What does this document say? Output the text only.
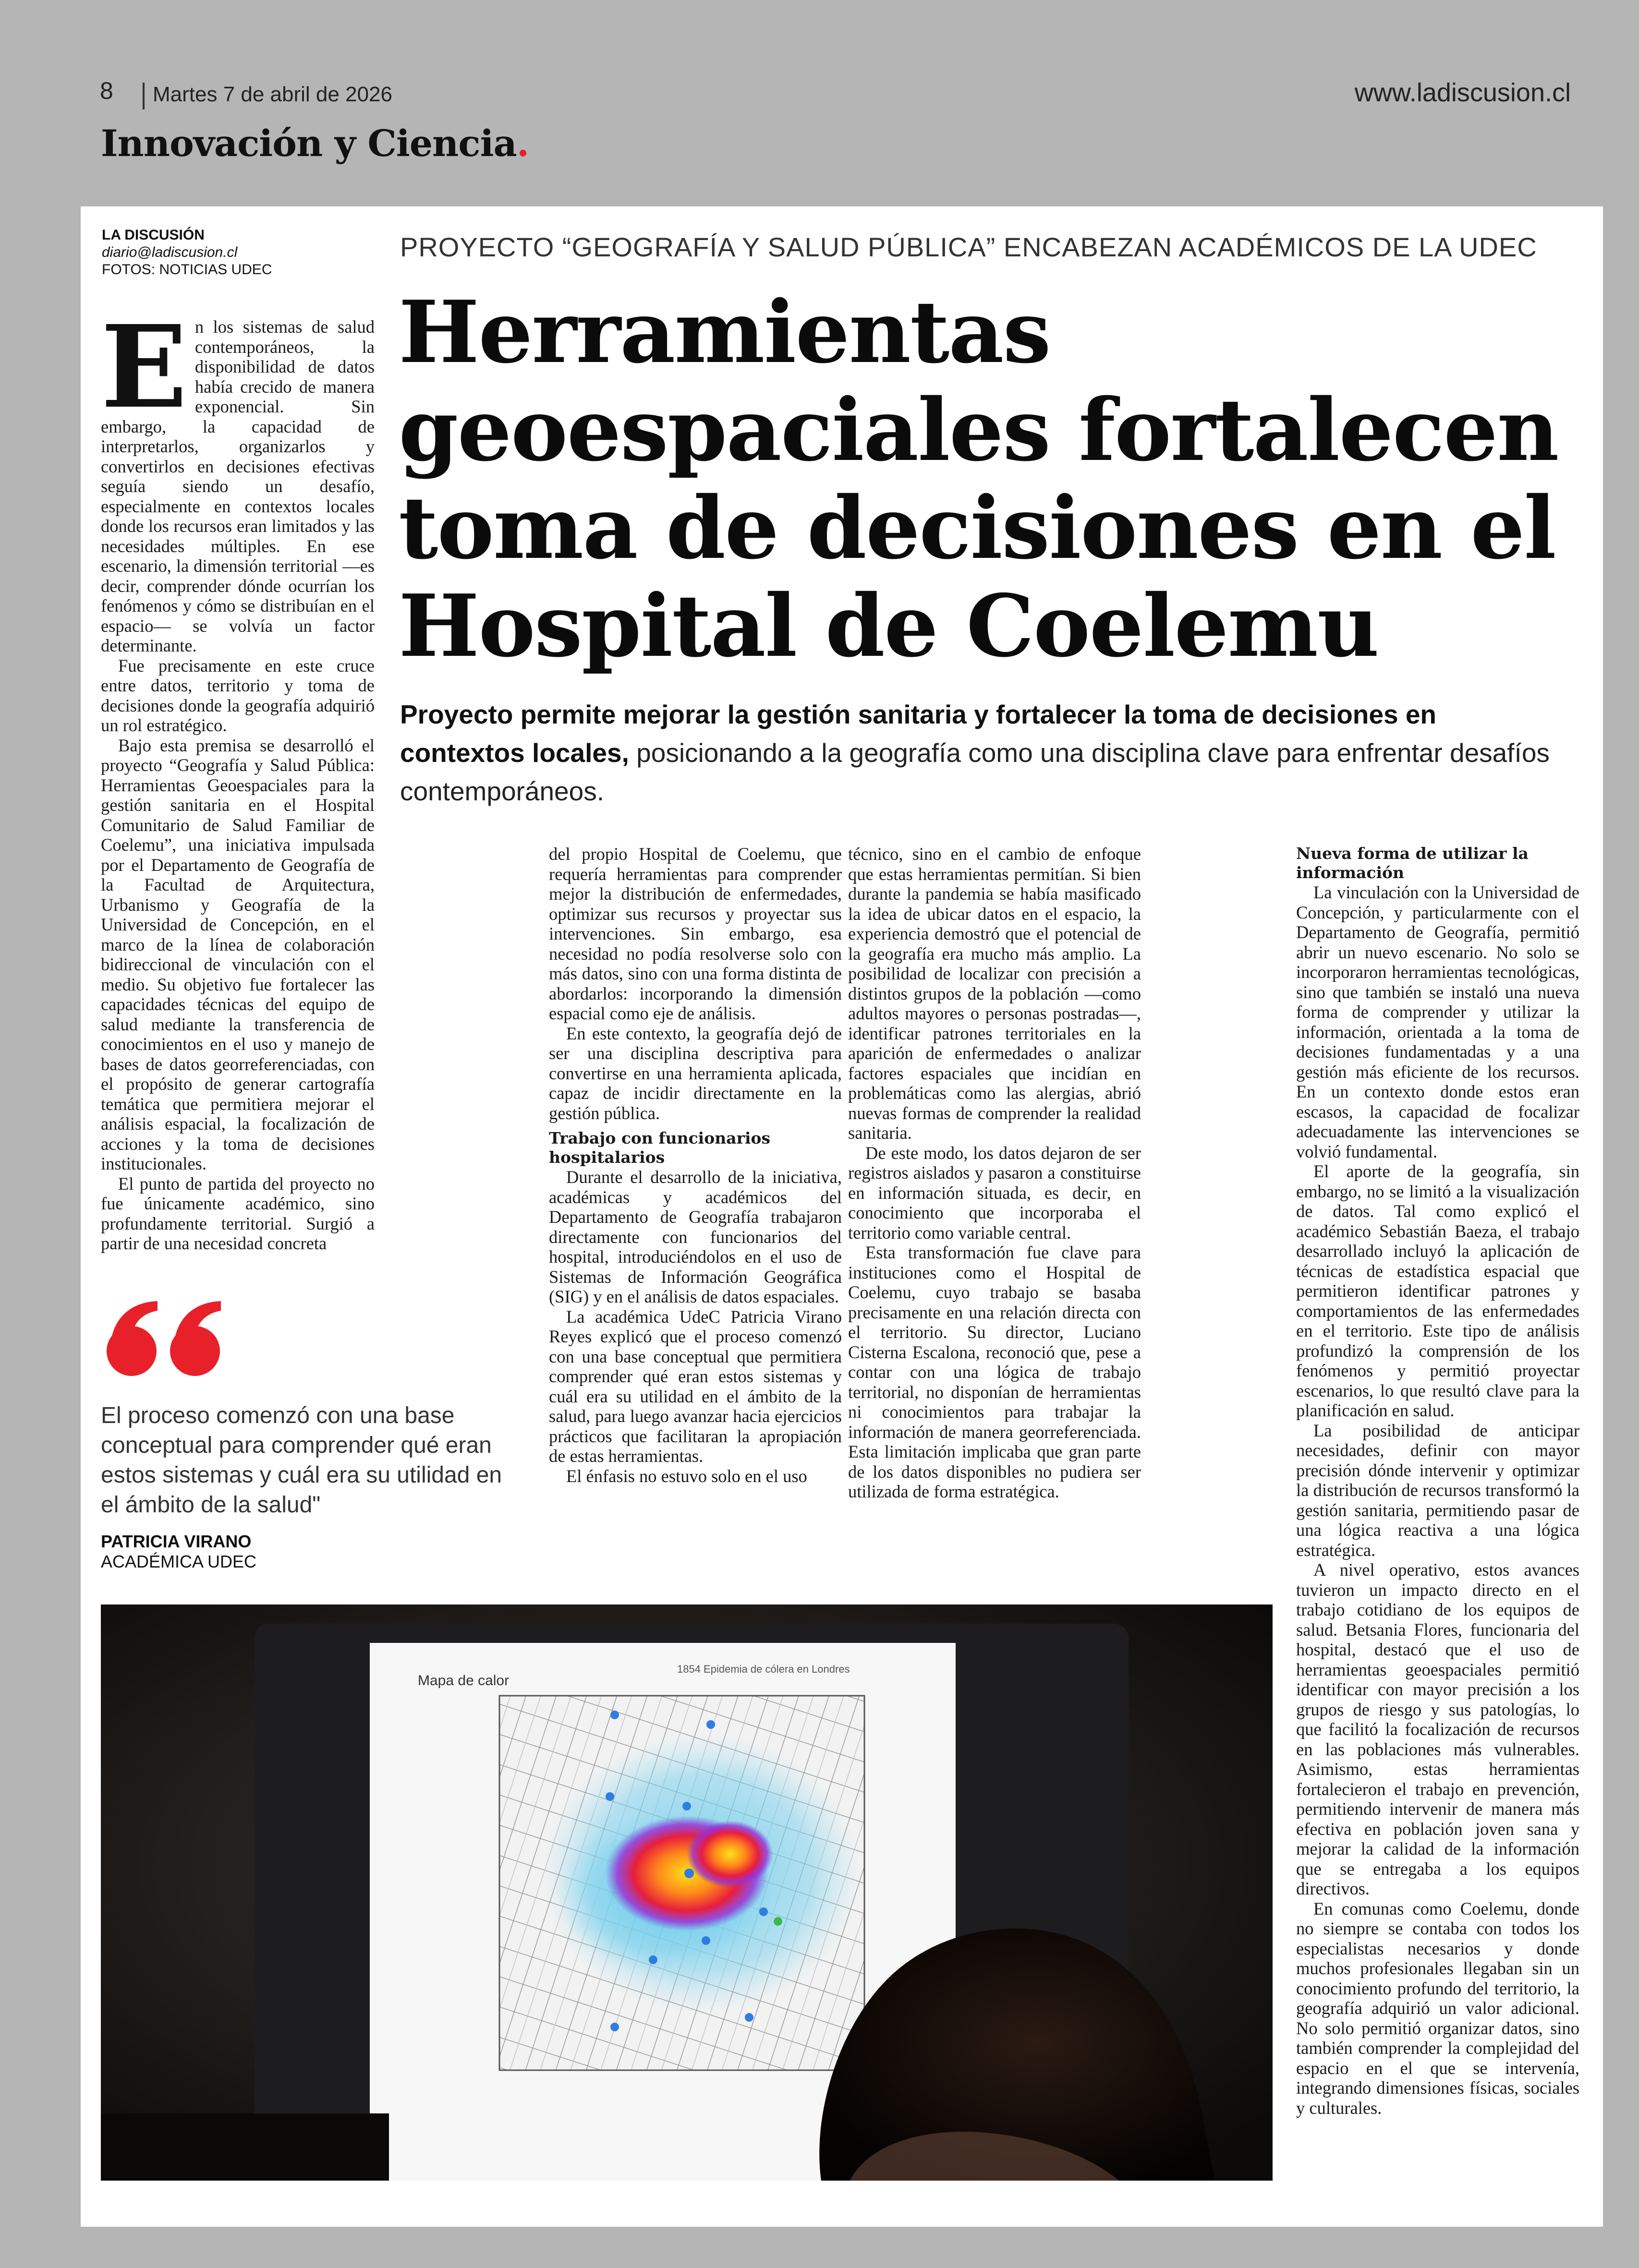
8 Martes 7 de abril de 2026	www.ladiscusion.cl
Innovación y Ciencia.
LA DISCUSIÓN
diario@ladiscusion.cl
FOTOS: NOTICIAS UDEC
PROYECTO “GEOGRAFÍA Y SALUD PÚBLICA” ENCABEZAN ACADÉMICOS DE LA UDEC
Herramientas geoespaciales fortalecen toma de decisiones en el Hospital de Coelemu
Proyecto permite mejorar la gestión sanitaria y fortalecer la toma de decisiones en contextos locales, posicionando a la geografía como una disciplina clave para enfrentar desafíos contemporáneos.

En los sistemas de salud contemporáneos, la disponibilidad de datos había crecido de manera exponencial. Sin embargo, la capacidad de interpretarlos, organizarlos y convertirlos en decisiones efectivas seguía siendo un desafío, especialmente en contextos locales donde los recursos eran limitados y las necesidades múltiples. En ese escenario, la dimensión territorial —es decir, comprender dónde ocurrían los fenómenos y cómo se distribuían en el espacio— se volvía un factor determinante.

Fue precisamente en este cruce entre datos, territorio y toma de decisiones donde la geografía adquirió un rol estratégico.

Bajo esta premisa se desarrolló el proyecto “Geografía y Salud Pública: Herramientas Geoespaciales para la gestión sanitaria en el Hospital Comunitario de Salud Familiar de Coelemu”, una iniciativa impulsada por el Departamento de Geografía de la Facultad de Arquitectura, Urbanismo y Geografía de la Universidad de Concepción, en el marco de la línea de colaboración bidireccional de vinculación con el medio. Su objetivo fue fortalecer las capacidades técnicas del equipo de salud mediante la transferencia de conocimientos en el uso y manejo de bases de datos georreferenciadas, con el propósito de generar cartografía temática que permitiera mejorar el análisis espacial, la focalización de acciones y la toma de decisiones institucionales.

El punto de partida del proyecto no fue únicamente académico, sino profundamente territorial. Surgió a partir de una necesidad concreta

El proceso comenzó con una base conceptual para comprender qué eran estos sistemas y cuál era su utilidad en el ámbito de la salud"
PATRICIA VIRANO
ACADÉMICA UDEC

del propio Hospital de Coelemu, que requería herramientas para comprender mejor la distribución de enfermedades, optimizar sus recursos y proyectar sus intervenciones. Sin embargo, esa necesidad no podía resolverse solo con más datos, sino con una forma distinta de abordarlos: incorporando la dimensión espacial como eje de análisis.

En este contexto, la geografía dejó de ser una disciplina descriptiva para convertirse en una herramienta aplicada, capaz de incidir directamente en la gestión pública.

Trabajo con funcionarios hospitalarios

Durante el desarrollo de la iniciativa, académicas y académicos del Departamento de Geografía trabajaron directamente con funcionarios del hospital, introduciéndolos en el uso de Sistemas de Información Geográfica (SIG) y en el análisis de datos espaciales.

La académica UdeC Patricia Virano Reyes explicó que el proceso comenzó con una base conceptual que permitiera comprender qué eran estos sistemas y cuál era su utilidad en el ámbito de la salud, para luego avanzar hacia ejercicios prácticos que facilitaran la apropiación de estas herramientas.

El énfasis no estuvo solo en el uso

técnico, sino en el cambio de enfoque que estas herramientas permitían. Si bien durante la pandemia se había masificado la idea de ubicar datos en el espacio, la experiencia demostró que el potencial de la geografía era mucho más amplio. La posibilidad de localizar con precisión a distintos grupos de la población —como adultos mayores o personas postradas—, identificar patrones territoriales en la aparición de enfermedades o analizar factores espaciales que incidían en problemáticas como las alergias, abrió nuevas formas de comprender la realidad sanitaria.

De este modo, los datos dejaron de ser registros aislados y pasaron a constituirse en información situada, es decir, en conocimiento que incorporaba el territorio como variable central.

Esta transformación fue clave para instituciones como el Hospital de Coelemu, cuyo trabajo se basaba precisamente en una relación directa con el territorio. Su director, Luciano Cisterna Escalona, reconoció que, pese a contar con una lógica de trabajo territorial, no disponían de herramientas ni conocimientos para trabajar la información de manera georreferenciada. Esta limitación implicaba que gran parte de los datos disponibles no pudiera ser utilizada de forma estratégica.

Nueva forma de utilizar la información

La vinculación con la Universidad de Concepción, y particularmente con el Departamento de Geografía, permitió abrir un nuevo escenario. No solo se incorporaron herramientas tecnológicas, sino que también se instaló una nueva forma de comprender y utilizar la información, orientada a la toma de decisiones fundamentadas y a una gestión más eficiente de los recursos. En un contexto donde estos eran escasos, la capacidad de focalizar adecuadamente las intervenciones se volvió fundamental.

El aporte de la geografía, sin embargo, no se limitó a la visualización de datos. Tal como explicó el académico Sebastián Baeza, el trabajo desarrollado incluyó la aplicación de técnicas de estadística espacial que permitieron identificar patrones y comportamientos de las enfermedades en el territorio. Este tipo de análisis profundizó la comprensión de los fenómenos y permitió proyectar escenarios, lo que resultó clave para la planificación en salud.

La posibilidad de anticipar necesidades, definir con mayor precisión dónde intervenir y optimizar la distribución de recursos transformó la gestión sanitaria, permitiendo pasar de una lógica reactiva a una lógica estratégica.

A nivel operativo, estos avances tuvieron un impacto directo en el trabajo cotidiano de los equipos de salud. Betsania Flores, funcionaria del hospital, destacó que el uso de herramientas geoespaciales permitió identificar con mayor precisión a los grupos de riesgo y sus patologías, lo que facilitó la focalización de recursos en las poblaciones más vulnerables. Asimismo, estas herramientas fortalecieron el trabajo en prevención, permitiendo intervenir de manera más efectiva en población joven sana y mejorar la calidad de la información que se entregaba a los equipos directivos.

En comunas como Coelemu, donde no siempre se contaba con todos los especialistas necesarios y donde muchos profesionales llegaban sin un conocimiento profundo del territorio, la geografía adquirió un valor adicional. No solo permitió organizar datos, sino también comprender la complejidad del espacio en el que se intervenía, integrando dimensiones físicas, sociales y culturales.

Mapa de calor
1854 Epidemia de cólera en Londres
